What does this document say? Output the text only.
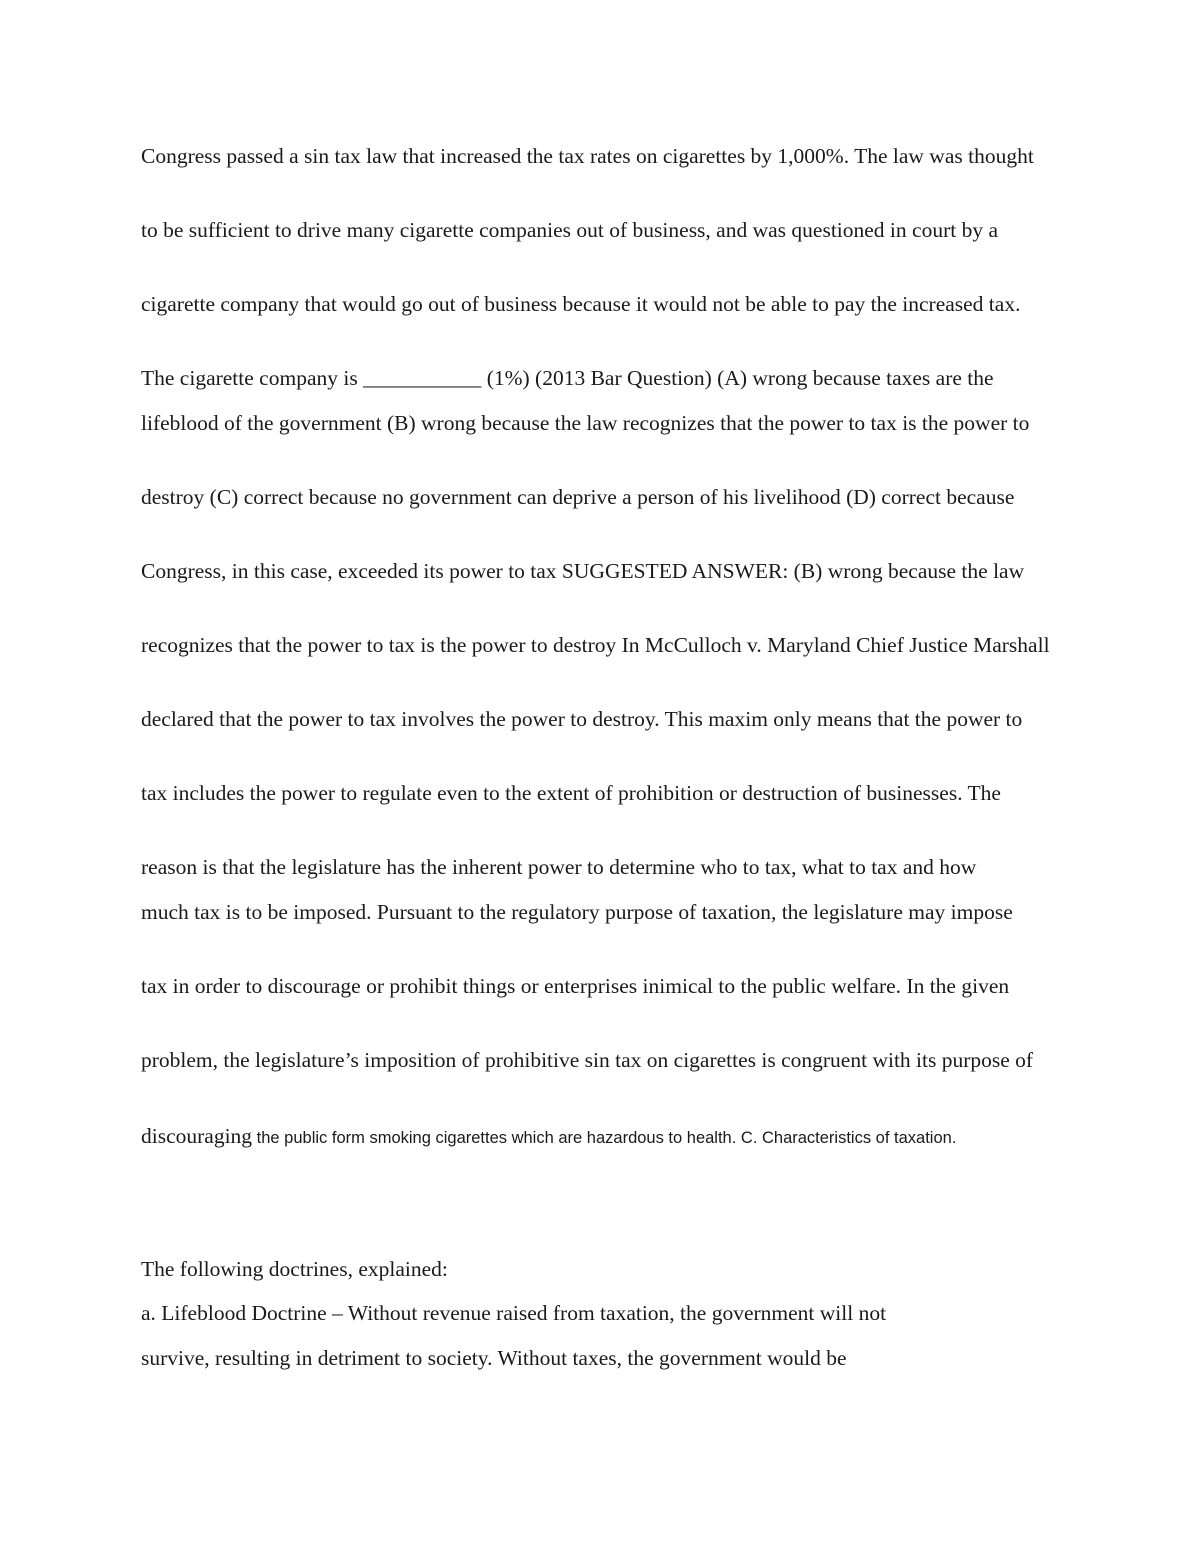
Congress passed a sin tax law that increased the tax rates on cigarettes by 1,000%. The law was thought

to be sufficient to drive many cigarette companies out of business, and was questioned in court by a

cigarette company that would go out of business because it would not be able to pay the increased tax.

The cigarette company is ___________ (1%) (2013 Bar Question) (A) wrong because taxes are the

lifeblood of the government (B) wrong because the law recognizes that the power to tax is the power to

destroy (C) correct because no government can deprive a person of his livelihood (D) correct because

Congress, in this case, exceeded its power to tax SUGGESTED ANSWER: (B) wrong because the law

recognizes that the power to tax is the power to destroy In McCulloch v. Maryland Chief Justice Marshall

declared that the power to tax involves the power to destroy. This maxim only means that the power to

tax includes the power to regulate even to the extent of prohibition or destruction of businesses. The

reason is that the legislature has the inherent power to determine who to tax, what to tax and how

much tax is to be imposed. Pursuant to the regulatory purpose of taxation, the legislature may impose

tax in order to discourage or prohibit things or enterprises inimical to the public welfare. In the given

problem, the legislature’s imposition of prohibitive sin tax on cigarettes is congruent with its purpose of

discouraging the public form smoking cigarettes which are hazardous to health. C. Characteristics of taxation.

The following doctrines, explained:

a. Lifeblood Doctrine – Without revenue raised from taxation, the government will not

survive, resulting in detriment to society. Without taxes, the government would be
